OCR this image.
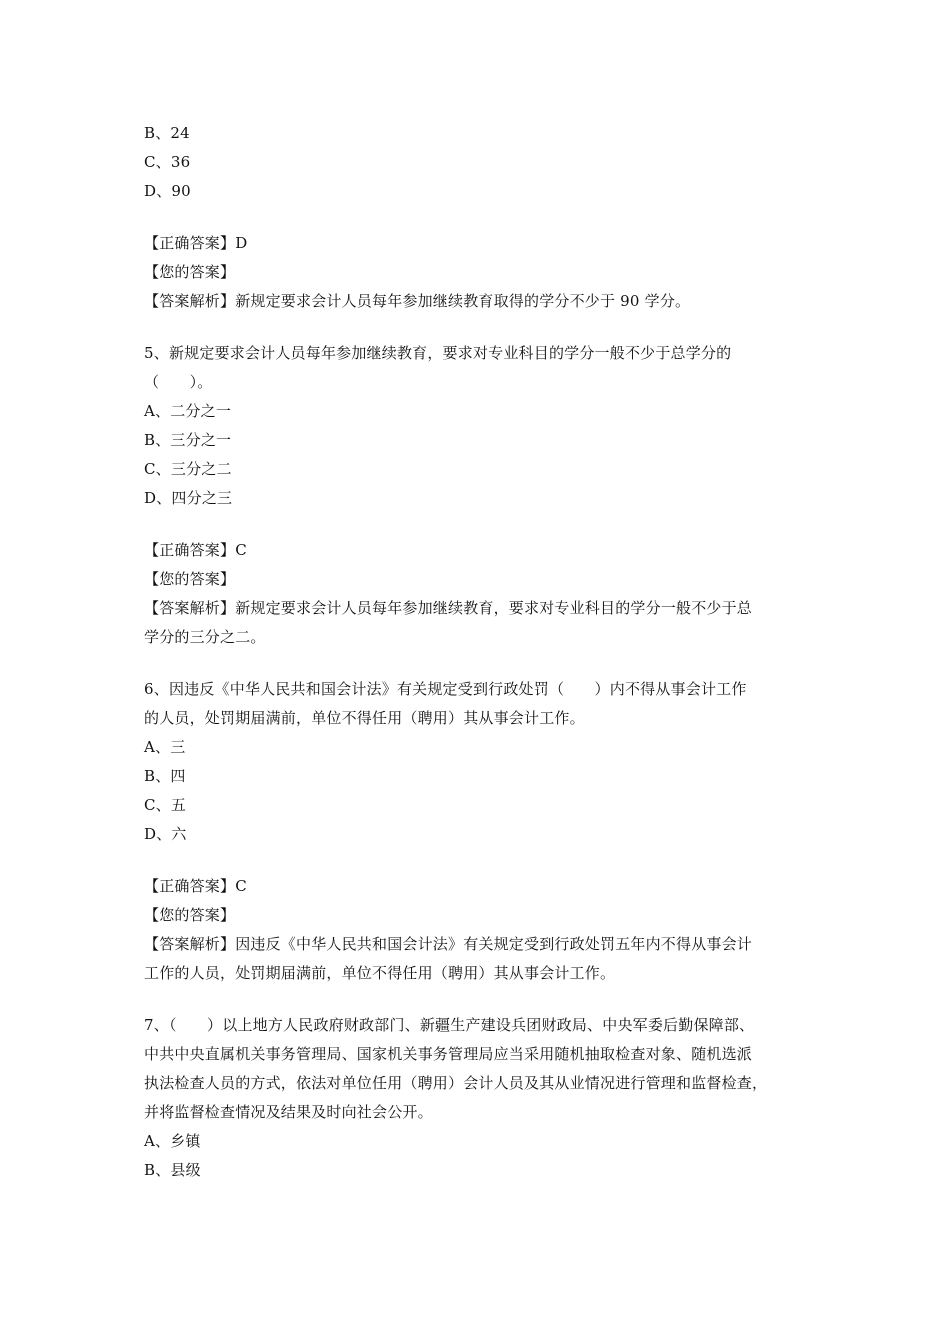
B、24
C、36
D、90
【正确答案】D
【您的答案】
【答案解析】新规定要求会计人员每年参加继续教育取得的学分不少于 90 学分。
5、新规定要求会计人员每年参加继续教育，要求对专业科目的学分一般不少于总学分的
（　　）。
A、二分之一
B、三分之一
C、三分之二
D、四分之三
【正确答案】C
【您的答案】
【答案解析】新规定要求会计人员每年参加继续教育，要求对专业科目的学分一般不少于总
学分的三分之二。
6、因违反《中华人民共和国会计法》有关规定受到行政处罚（　　）内不得从事会计工作
的人员，处罚期届满前，单位不得任用（聘用）其从事会计工作。
A、三
B、四
C、五
D、六
【正确答案】C
【您的答案】
【答案解析】因违反《中华人民共和国会计法》有关规定受到行政处罚五年内不得从事会计
工作的人员，处罚期届满前，单位不得任用（聘用）其从事会计工作。
7、（　　）以上地方人民政府财政部门、新疆生产建设兵团财政局、中央军委后勤保障部、
中共中央直属机关事务管理局、国家机关事务管理局应当采用随机抽取检查对象、随机选派
执法检查人员的方式，依法对单位任用（聘用）会计人员及其从业情况进行管理和监督检查，
并将监督检查情况及结果及时向社会公开。
A、乡镇
B、县级
